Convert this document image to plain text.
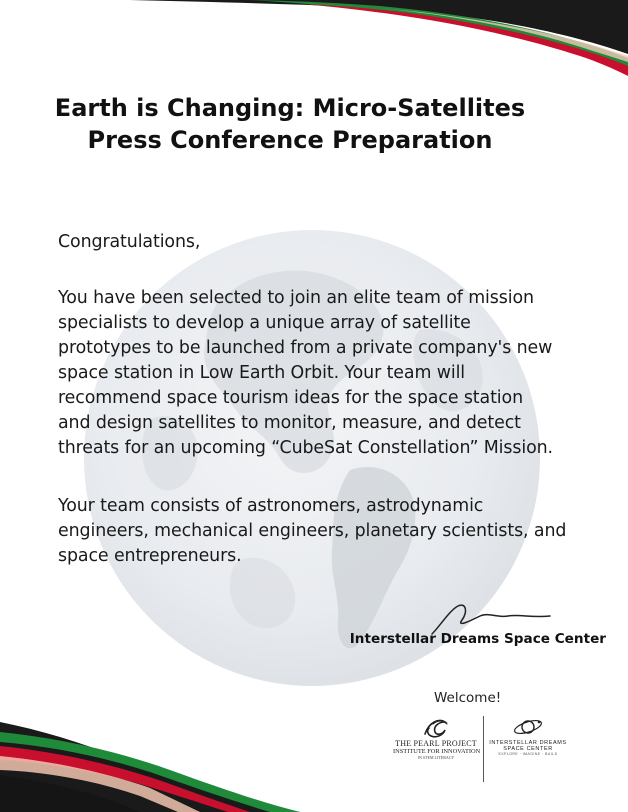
Earth is Changing: Micro-Satellites
Press Conference Preparation
Congratulations,
You have been selected to join an elite team of mission
specialists to develop a unique array of satellite
prototypes to be launched from a private company's new
space station in Low Earth Orbit. Your team will
recommend space tourism ideas for the space station
and design satellites to monitor, measure, and detect
threats for an upcoming “CubeSat Constellation” Mission.
Your team consists of astronomers, astrodynamic
engineers, mechanical engineers, planetary scientists, and
space entrepreneurs.
Interstellar Dreams Space Center
Welcome!
THE PEARL PROJECT
INSTITUTE FOR INNOVATION
IN STEM LITERACY
INTERSTELLAR DREAMS
SPACE CENTER
EXPLORE · IMAGINE · BUILD
